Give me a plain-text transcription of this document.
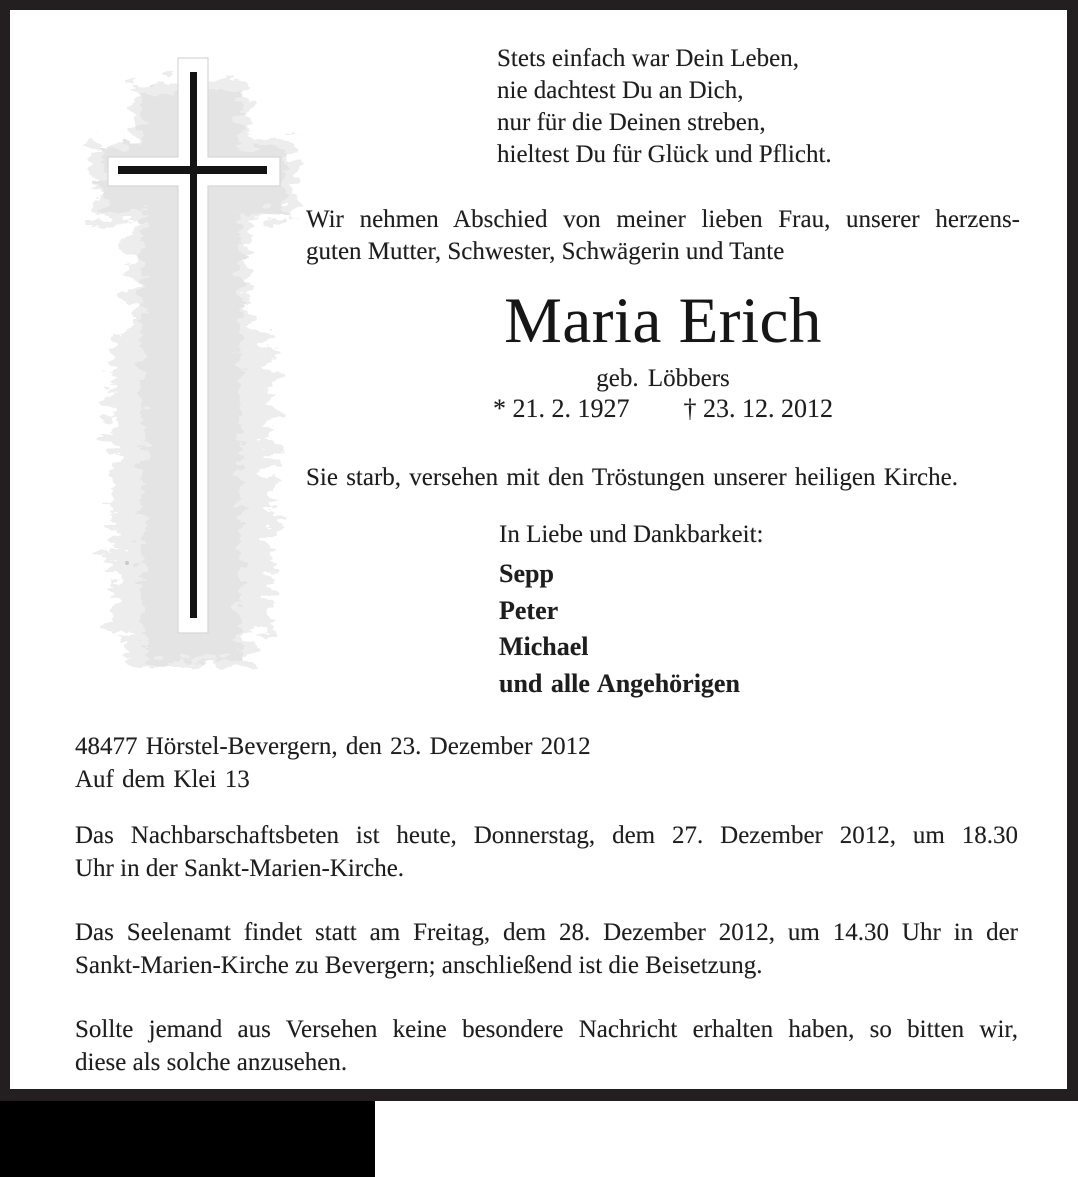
Stets einfach war Dein Leben,
nie dachtest Du an Dich,
nur für die Deinen streben,
hieltest Du für Glück und Pflicht.
Wir nehmen Abschied von meiner lieben Frau, unserer herzens-
guten Mutter, Schwester, Schwägerin und Tante
Maria Erich
geb. Löbbers
* 21. 2. 1927 † 23. 12. 2012
Sie starb, versehen mit den Tröstungen unserer heiligen Kirche.
In Liebe und Dankbarkeit:
Sepp
Peter
Michael
und alle Angehörigen
48477 Hörstel-Bevergern, den 23. Dezember 2012
Auf dem Klei 13
Das Nachbarschaftsbeten ist heute, Donnerstag, dem 27. Dezember 2012, um 18.30
Uhr in der Sankt-Marien-Kirche.
Das Seelenamt findet statt am Freitag, dem 28. Dezember 2012, um 14.30 Uhr in der
Sankt-Marien-Kirche zu Bevergern; anschließend ist die Beisetzung.
Sollte jemand aus Versehen keine besondere Nachricht erhalten haben, so bitten wir,
diese als solche anzusehen.
